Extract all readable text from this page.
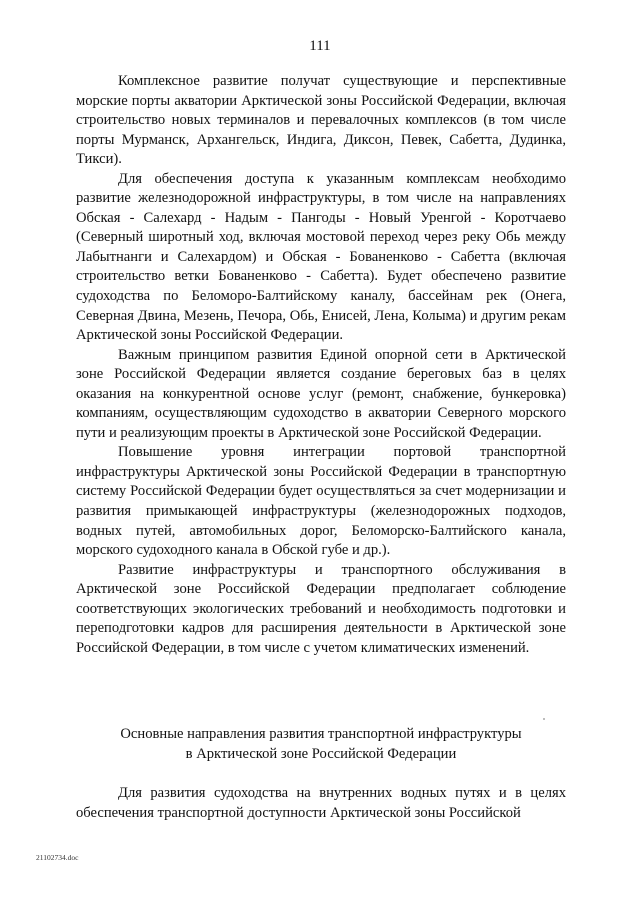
111

Комплексное развитие получат существующие и перспективные морские порты акватории Арктической зоны Российской Федерации, включая строительство новых терминалов и перевалочных комплексов (в том числе порты Мурманск, Архангельск, Индига, Диксон, Певек, Сабетта, Дудинка, Тикси).

Для обеспечения доступа к указанным комплексам необходимо развитие железнодорожной инфраструктуры, в том числе на направлениях Обская - Салехард - Надым - Пангоды - Новый Уренгой - Коротчаево (Северный широтный ход, включая мостовой переход через реку Обь между Лабытнанги и Салехардом) и Обская - Бованенково - Сабетта (включая строительство ветки Бованенково - Сабетта). Будет обеспечено развитие судоходства по Беломоро-Балтийскому каналу, бассейнам рек (Онега, Северная Двина, Мезень, Печора, Обь, Енисей, Лена, Колыма) и другим рекам Арктической зоны Российской Федерации.

Важным принципом развития Единой опорной сети в Арктической зоне Российской Федерации является создание береговых баз в целях оказания на конкурентной основе услуг (ремонт, снабжение, бункеровка) компаниям, осуществляющим судоходство в акватории Северного морского пути и реализующим проекты в Арктической зоне Российской Федерации.

Повышение уровня интеграции портовой транспортной инфраструктуры Арктической зоны Российской Федерации в транспортную систему Российской Федерации будет осуществляться за счет модернизации и развития примыкающей инфраструктуры (железнодорожных подходов, водных путей, автомобильных дорог, Беломорско-Балтийского канала, морского судоходного канала в Обской губе и др.).

Развитие инфраструктуры и транспортного обслуживания в Арктической зоне Российской Федерации предполагает соблюдение соответствующих экологических требований и необходимость подготовки и переподготовки кадров для расширения деятельности в Арктической зоне Российской Федерации, в том числе с учетом климатических изменений.

Основные направления развития транспортной инфраструктуры
в Арктической зоне Российской Федерации

Для развития судоходства на внутренних водных путях и в целях обеспечения транспортной доступности Арктической зоны Российской

21102734.doc
